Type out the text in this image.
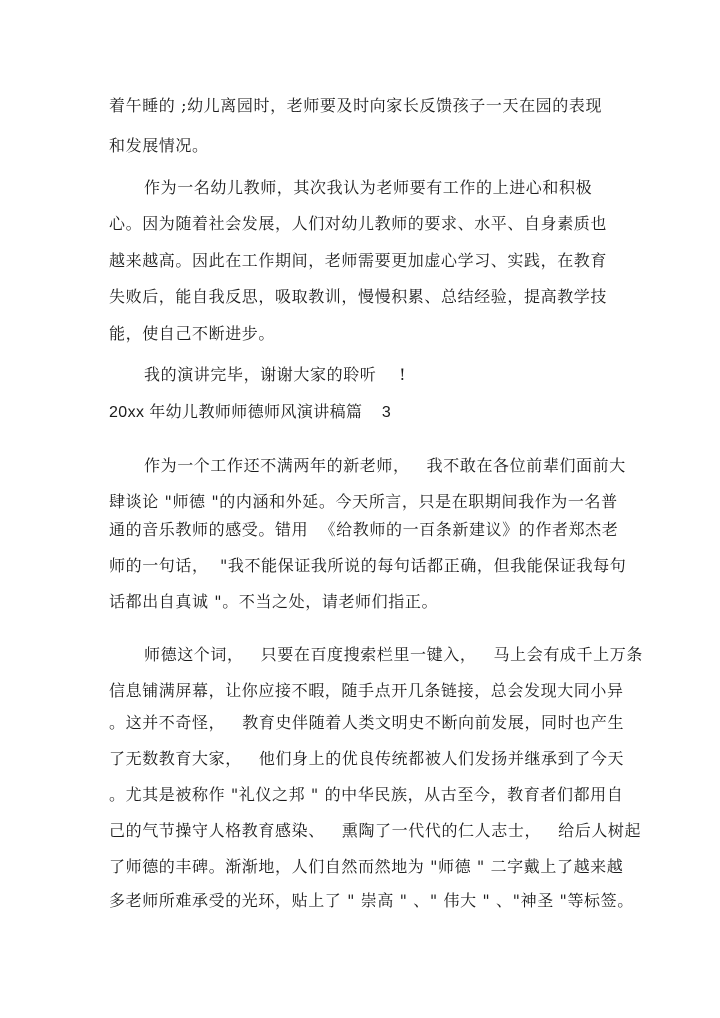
着午睡的 ;幼儿离园时，老师要及时向家长反馈孩子一天在园的表现
和发展情况。
作为一名幼儿教师，其次我认为老师要有工作的上进心和积极
心。因为随着社会发展，人们对幼儿教师的要求、水平、自身素质也
越来越高。因此在工作期间，老师需要更加虚心学习、实践，在教育
失败后，能自我反思，吸取教训，慢慢积累、总结经验，提高教学技
能，使自己不断进步。
我的演讲完毕，谢谢大家的聆听    !
20xx 年幼儿教师师德师风演讲稿篇    3
作为一个工作还不满两年的新老师，   我不敢在各位前辈们面前大
肆谈论 "师德 "的内涵和外延。今天所言，只是在职期间我作为一名普
通的音乐教师的感受。错用  《给教师的一百条新建议》的作者郑杰老
师的一句话，  "我不能保证我所说的每句话都正确，但我能保证我每句
话都出自真诚 "。不当之处，请老师们指正。
师德这个词，   只要在百度搜索栏里一键入，   马上会有成千上万条
信息铺满屏幕，让你应接不暇，随手点开几条链接，总会发现大同小异
。这并不奇怪，   教育史伴随着人类文明史不断向前发展，同时也产生
了无数教育大家，   他们身上的优良传统都被人们发扬并继承到了今天
。尤其是被称作 "礼仪之邦 " 的中华民族，从古至今，教育者们都用自
己的气节操守人格教育感染、   熏陶了一代代的仁人志士，   给后人树起
了师德的丰碑。渐渐地，人们自然而然地为 "师德 " 二字戴上了越来越
多老师所难承受的光环，贴上了 " 崇高 " 、" 伟大 " 、"神圣 "等标签。
